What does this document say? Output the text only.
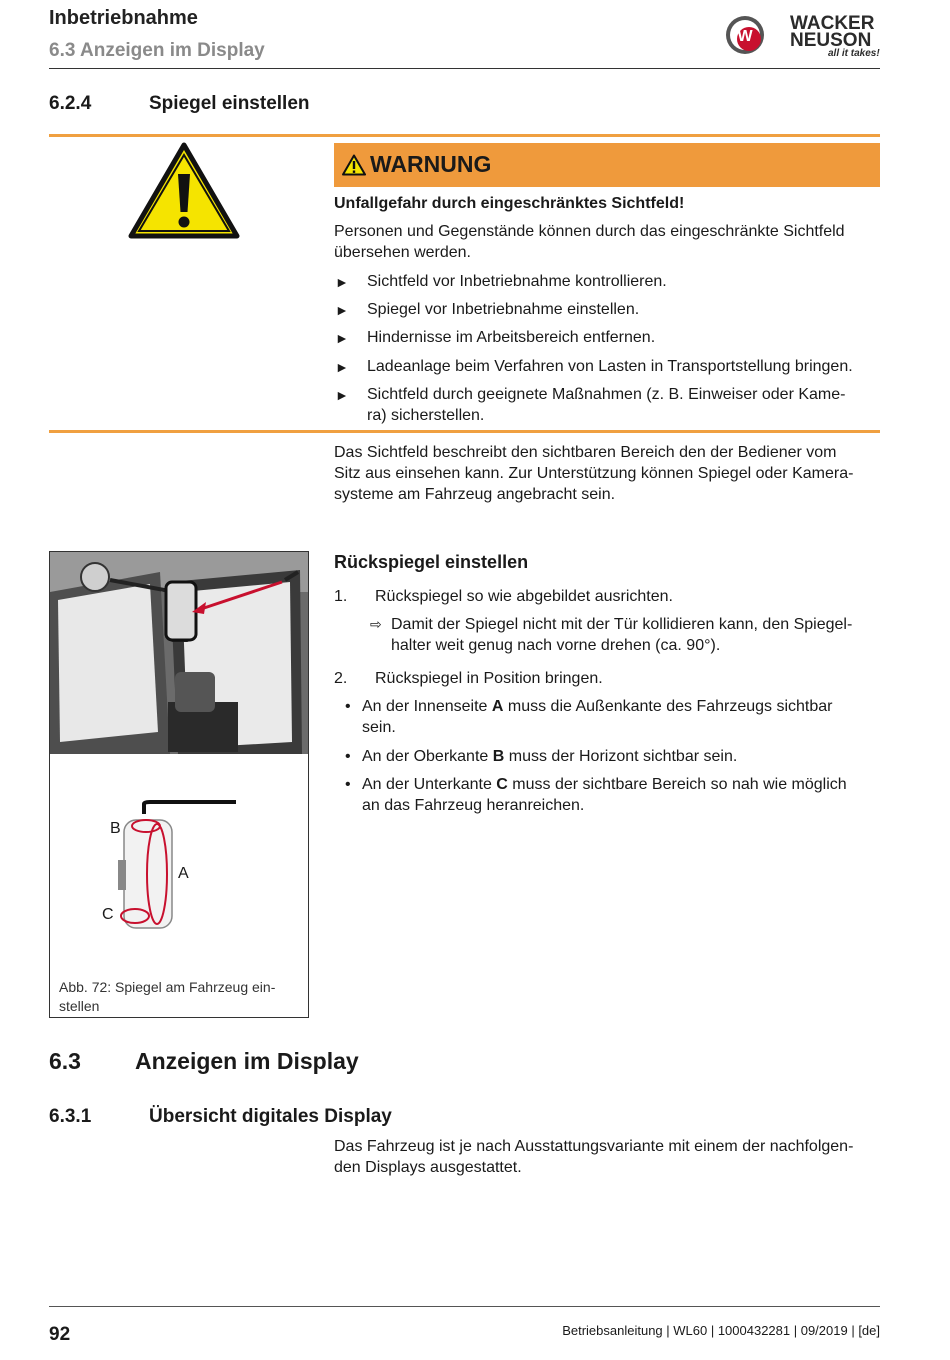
Inbetriebnahme
6.3 Anzeigen im Display
W
WACKER
NEUSON
all it takes!
6.2.4	Spiegel einstellen
WARNUNG
Unfallgefahr durch eingeschränktes Sichtfeld!
Personen und Gegenstände können durch das eingeschränkte Sichtfeld übersehen werden.
► Sichtfeld vor Inbetriebnahme kontrollieren.
► Spiegel vor Inbetriebnahme einstellen.
► Hindernisse im Arbeitsbereich entfernen.
► Ladeanlage beim Verfahren von Lasten in Transportstellung bringen.
► Sichtfeld durch geeignete Maßnahmen (z. B. Einweiser oder Kame-
ra) sicherstellen.
Das Sichtfeld beschreibt den sichtbaren Bereich den der Bediener vom
Sitz aus einsehen kann. Zur Unterstützung können Spiegel oder Kamera-
systeme am Fahrzeug angebracht sein.
B
A
C
Abb. 72: Spiegel am Fahrzeug ein-
stellen
Rückspiegel einstellen
1. Rückspiegel so wie abgebildet ausrichten.
⇨ Damit der Spiegel nicht mit der Tür kollidieren kann, den Spiegel-
halter weit genug nach vorne drehen (ca. 90°).
2. Rückspiegel in Position bringen.
• An der Innenseite A muss die Außenkante des Fahrzeugs sichtbar
sein.
• An der Oberkante B muss der Horizont sichtbar sein.
• An der Unterkante C muss der sichtbare Bereich so nah wie möglich
an das Fahrzeug heranreichen.
6.3 Anzeigen im Display
6.3.1	Übersicht digitales Display
Das Fahrzeug ist je nach Ausstattungsvariante mit einem der nachfolgen-
den Displays ausgestattet.
92	Betriebsanleitung | WL60 | 1000432281 | 09/2019 | [de]
